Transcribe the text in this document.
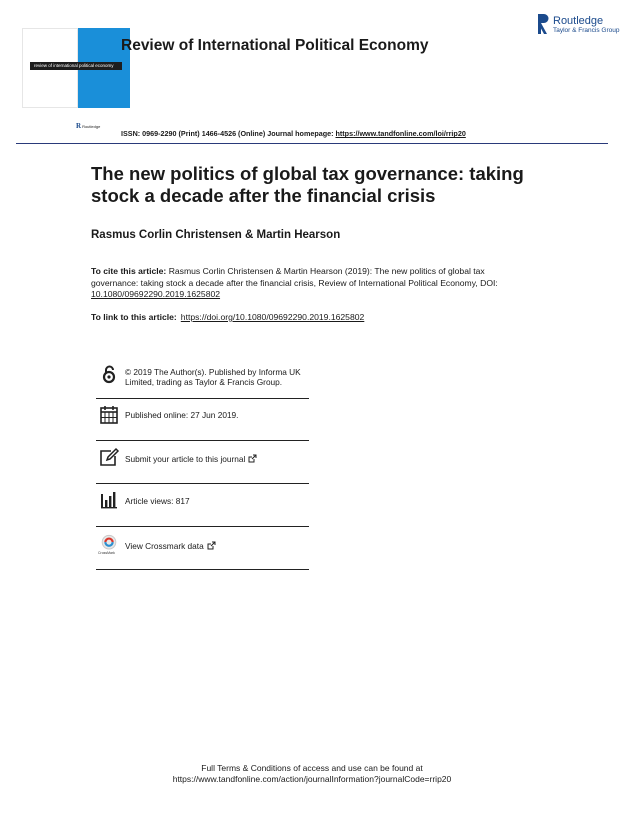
review of international political economy
R Routledge
Review of International Political Economy
Routledge
Taylor & Francis Group
ISSN: 0969-2290 (Print) 1466-4526 (Online) Journal homepage: https://www.tandfonline.com/loi/rrip20
The new politics of global tax governance: taking stock a decade after the financial crisis
Rasmus Corlin Christensen & Martin Hearson
To cite this article: Rasmus Corlin Christensen & Martin Hearson (2019): The new politics of global tax governance: taking stock a decade after the financial crisis, Review of International Political Economy, DOI: 10.1080/09692290.2019.1625802
To link to this article: https://doi.org/10.1080/09692290.2019.1625802
© 2019 The Author(s). Published by Informa UK Limited, trading as Taylor & Francis Group.
Published online: 27 Jun 2019.
Submit your article to this journal
Article views: 817
CrossMark
View Crossmark data
Full Terms & Conditions of access and use can be found at
https://www.tandfonline.com/action/journalInformation?journalCode=rrip20
